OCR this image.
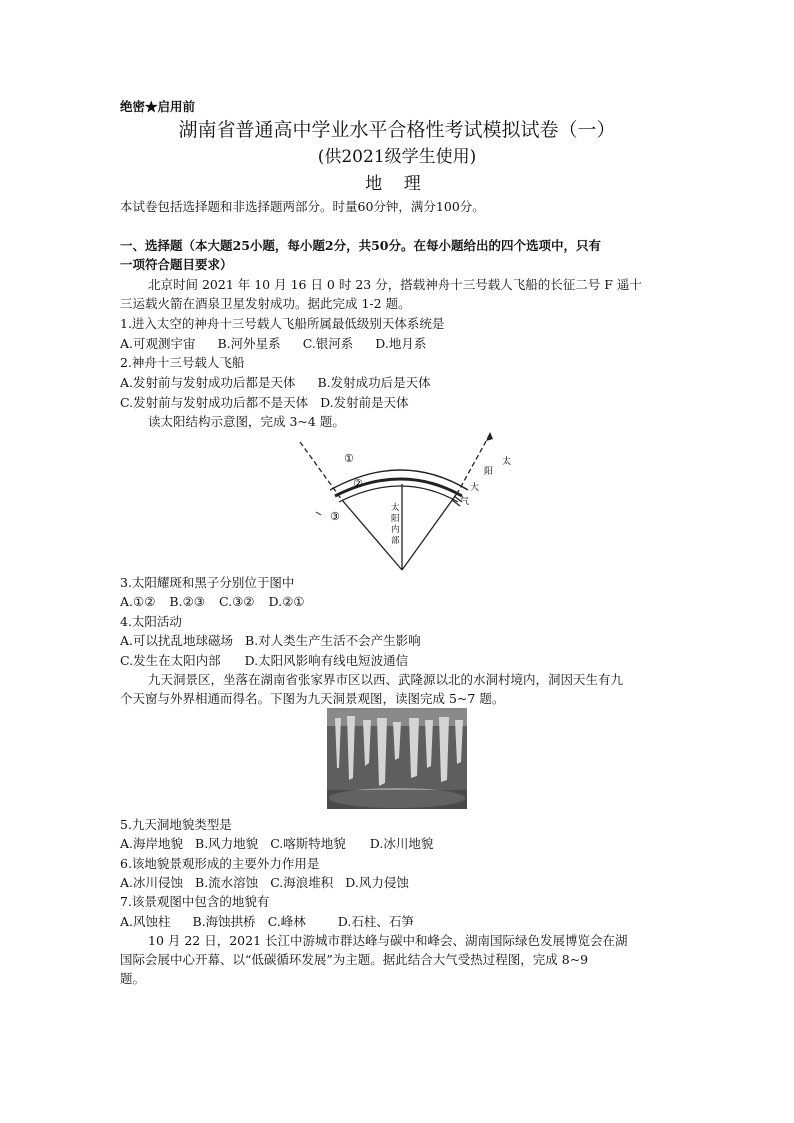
绝密★启用前
湖南省普通高中学业水平合格性考试模拟试卷（一）
(供2021级学生使用)
地 理
本试卷包括选择题和非选择题两部分。时量60分钟，满分100分。
一、选择题（本大题25小题，每小题2分，共50分。在每小题给出的四个选项中，只有
一项符合题目要求）
北京时间 2021 年 10 月 16 日 0 时 23 分，搭载神舟十三号载人飞船的长征二号 F 遥十
三运载火箭在酒泉卫星发射成功。据此完成 1-2 题。
1.进入太空的神舟十三号载人飞船所属最低级别天体系统是
A.可观测宇宙 B.河外星系 C.银河系 D.地月系
2.神舟十三号载人飞船
A.发射前与发射成功后都是天体 B.发射成功后是天体
C.发射前与发射成功后都不是天体 D.发射前是天体
读太阳结构示意图，完成 3~4 题。
①
②
③
太
阳
内
部
太
阳
大
气
3.太阳耀斑和黑子分别位于图中
A.①② B.②③ C.③② D.②①
4.太阳活动
A.可以扰乱地球磁场 B.对人类生产生活不会产生影响
C.发生在太阳内部 D.太阳风影响有线电短波通信
九天洞景区，坐落在湖南省张家界市区以西、武隆源以北的水洞村境内，洞因天生有九
个天窗与外界相通而得名。下图为九天洞景观图，读图完成 5~7 题。
5.九天洞地貌类型是
A.海岸地貌 B.风力地貌 C.喀斯特地貌 D.冰川地貌
6.该地貌景观形成的主要外力作用是
A.冰川侵蚀 B.流水溶蚀 C.海浪堆积 D.风力侵蚀
7.该景观图中包含的地貌有
A.风蚀柱 B.海蚀拱桥 C.峰林	D.石柱、石笋
10 月 22 日，2021 长江中游城市群达峰与碳中和峰会、湖南国际绿色发展博览会在湖
国际会展中心开幕、以“低碳循环发展”为主题。据此结合大气受热过程图，完成 8~9
题。
